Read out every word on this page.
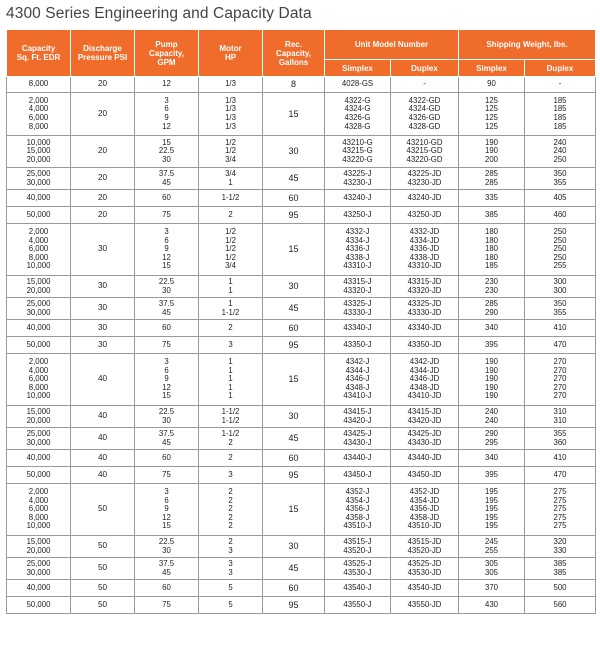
4300 Series Engineering and Capacity Data
Capacity
Sq. Ft. EDR	Discharge
Pressure PSI	Pump
Capacity,
GPM	Motor
HP	Rec.
Capacity,
Gallons	Unit Model Number		Shipping Weight, lbs.	
					Simplex	Duplex	Simplex	Duplex
8,000	20	12	1/3	8	4028-GS	-	90	-
2,000
4,000
6,000
8,000	20	3
6
9
12	1/3
1/3
1/3
1/3	15	4322-G
4324-G
4326-G
4328-G	4322-GD
4324-GD
4326-GD
4328-GD	125
125
125
125	185
185
185
185
10,000
15,000
20,000	20	15
22.5
30	1/2
1/2
3/4	30	43210-G
43215-G
43220-G	43210-GD
43215-GD
43220-GD	190
190
200	240
240
250
25,000
30,000	20	37.5
45	3/4
1	45	43225-J
43230-J	43225-JD
43230-JD	285
285	350
355
40,000	20	60	1-1/2	60	43240-J	43240-JD	335	405
50,000	20	75	2	95	43250-J	43250-JD	385	460
2,000
4,000
6,000
8,000
10,000	30	3
6
9
12
15	1/2
1/2
1/2
1/2
3/4	15	4332-J
4334-J
4336-J
4338-J
43310-J	4332-JD
4334-JD
4336-JD
4338-JD
43310-JD	180
180
180
180
185	250
250
250
250
255
15,000
20,000	30	22.5
30	1
1	30	43315-J
43320-J	43315-JD
43320-JD	230
230	300
300
25,000
30,000	30	37.5
45	1
1-1/2	45	43325-J
43330-J	43325-JD
43330-JD	285
290	350
355
40,000	30	60	2	60	43340-J	43340-JD	340	410
50,000	30	75	3	95	43350-J	43350-JD	395	470
2,000
4,000
6,000
8,000
10,000	40	3
6
9
12
15	1
1
1
1
1	15	4342-J
4344-J
4346-J
4348-J
43410-J	4342-JD
4344-JD
4346-JD
4348-JD
43410-JD	190
190
190
190
190	270
270
270
270
270
15,000
20,000	40	22.5
30	1-1/2
1-1/2	30	43415-J
43420-J	43415-JD
43420-JD	240
240	310
310
25,000
30,000	40	37.5
45	1-1/2
2	45	43425-J
43430-J	43425-JD
43430-JD	290
295	355
360
40,000	40	60	2	60	43440-J	43440-JD	340	410
50,000	40	75	3	95	43450-J	43450-JD	395	470
2,000
4,000
6,000
8,000
10,000	50	3
6
9
12
15	2
2
2
2
2	15	4352-J
4354-J
4356-J
4358-J
43510-J	4352-JD
4354-JD
4356-JD
4358-JD
43510-JD	195
195
195
195
195	275
275
275
275
275
15,000
20,000	50	22.5
30	2
3	30	43515-J
43520-J	43515-JD
43520-JD	245
255	320
330
25,000
30,000	50	37.5
45	3
3	45	43525-J
43530-J	43525-JD
43530-JD	305
305	385
385
40,000	50	60	5	60	43540-J	43540-JD	370	500
50,000	50	75	5	95	43550-J	43550-JD	430	560
